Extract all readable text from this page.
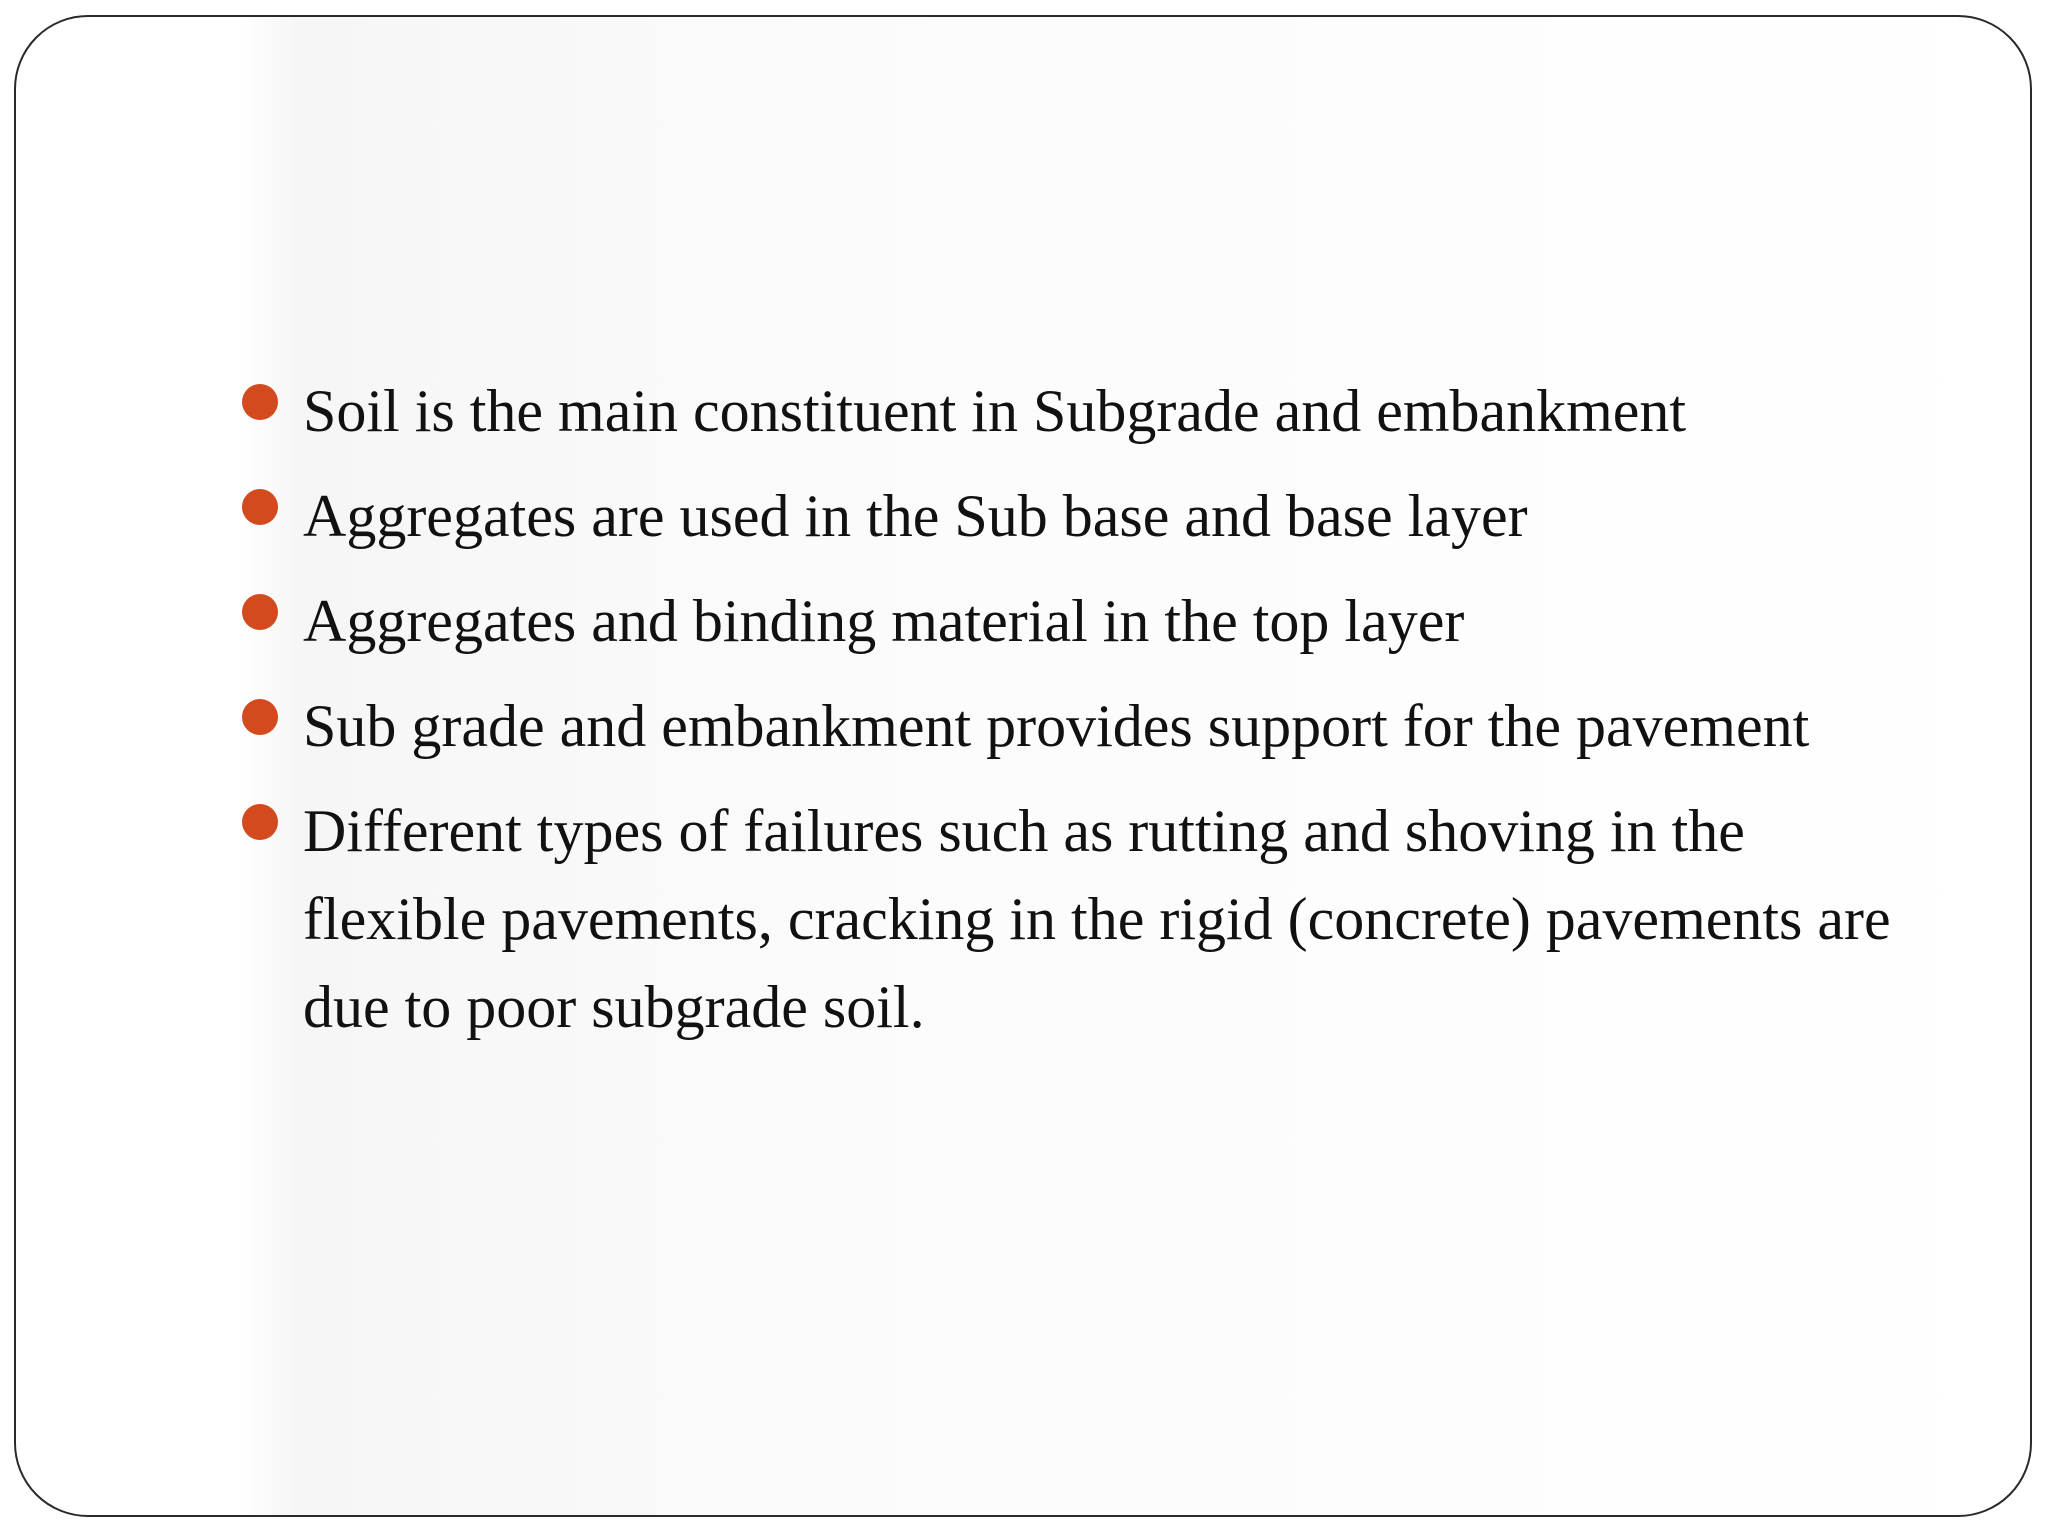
Soil is the main constituent in Subgrade and embankment
Aggregates are used in the Sub base and base layer
Aggregates and binding material in the top layer
Sub grade and embankment provides support for the pavement
Different types of failures such as rutting and shoving in the flexible pavements, cracking in the rigid (concrete) pavements are due to poor subgrade soil.
